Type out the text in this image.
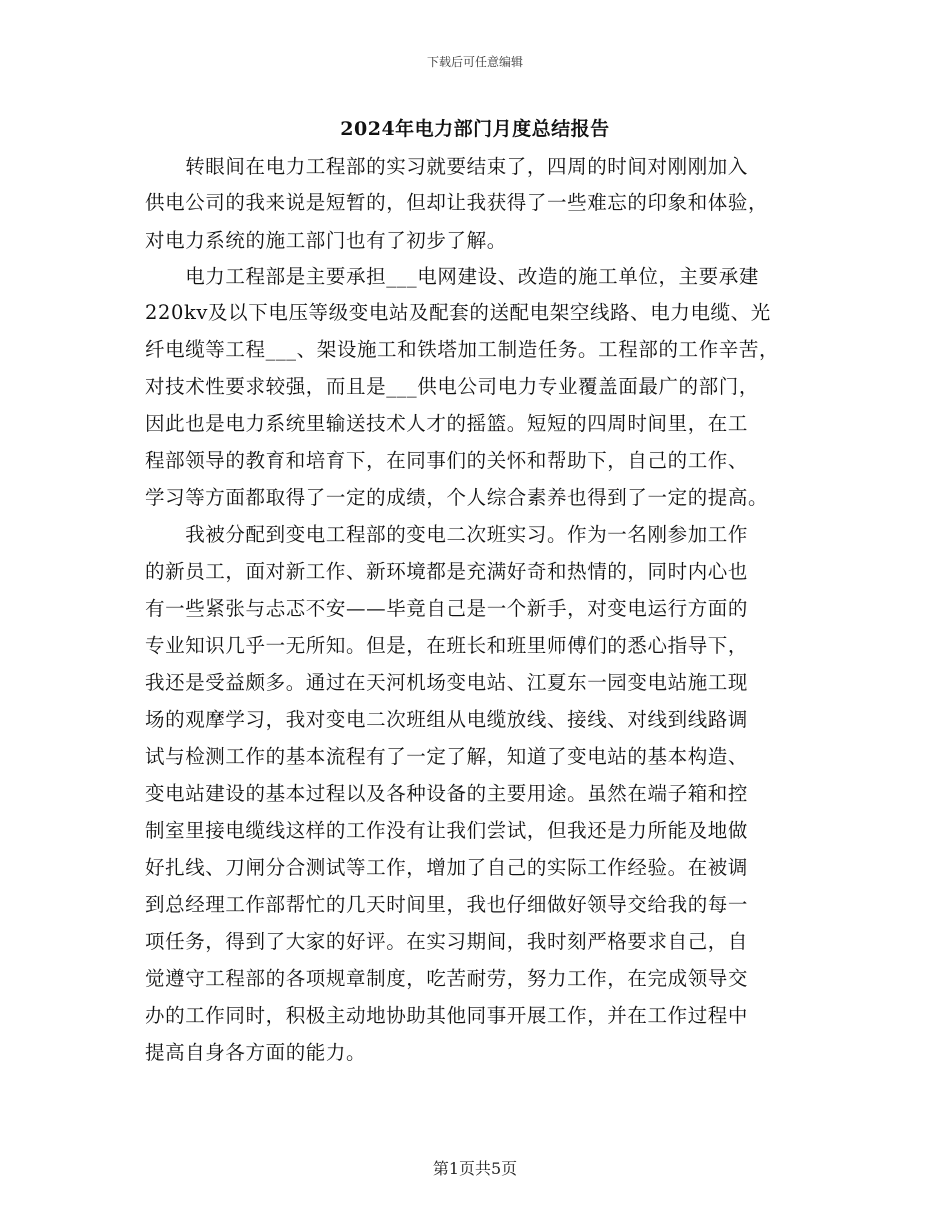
下载后可任意编辑
2024年电力部门月度总结报告
　　转眼间在电力工程部的实习就要结束了，四周的时间对刚刚加入
供电公司的我来说是短暂的，但却让我获得了一些难忘的印象和体验，
对电力系统的施工部门也有了初步了解。
　　电力工程部是主要承担___电网建设、改造的施工单位，主要承建
220kv及以下电压等级变电站及配套的送配电架空线路、电力电缆、光
纤电缆等工程___、架设施工和铁塔加工制造任务。工程部的工作辛苦，
对技术性要求较强，而且是___供电公司电力专业覆盖面最广的部门，
因此也是电力系统里输送技术人才的摇篮。短短的四周时间里，在工
程部领导的教育和培育下，在同事们的关怀和帮助下，自己的工作、
学习等方面都取得了一定的成绩，个人综合素养也得到了一定的提高。
　　我被分配到变电工程部的变电二次班实习。作为一名刚参加工作
的新员工，面对新工作、新环境都是充满好奇和热情的，同时内心也
有一些紧张与忐忑不安——毕竟自己是一个新手，对变电运行方面的
专业知识几乎一无所知。但是，在班长和班里师傅们的悉心指导下，
我还是受益颇多。通过在天河机场变电站、江夏东一园变电站施工现
场的观摩学习，我对变电二次班组从电缆放线、接线、对线到线路调
试与检测工作的基本流程有了一定了解，知道了变电站的基本构造、
变电站建设的基本过程以及各种设备的主要用途。虽然在端子箱和控
制室里接电缆线这样的工作没有让我们尝试，但我还是力所能及地做
好扎线、刀闸分合测试等工作，增加了自己的实际工作经验。在被调
到总经理工作部帮忙的几天时间里，我也仔细做好领导交给我的每一
项任务，得到了大家的好评。在实习期间，我时刻严格要求自己，自
觉遵守工程部的各项规章制度，吃苦耐劳，努力工作，在完成领导交
办的工作同时，积极主动地协助其他同事开展工作，并在工作过程中
提高自身各方面的能力。
第1页共5页
